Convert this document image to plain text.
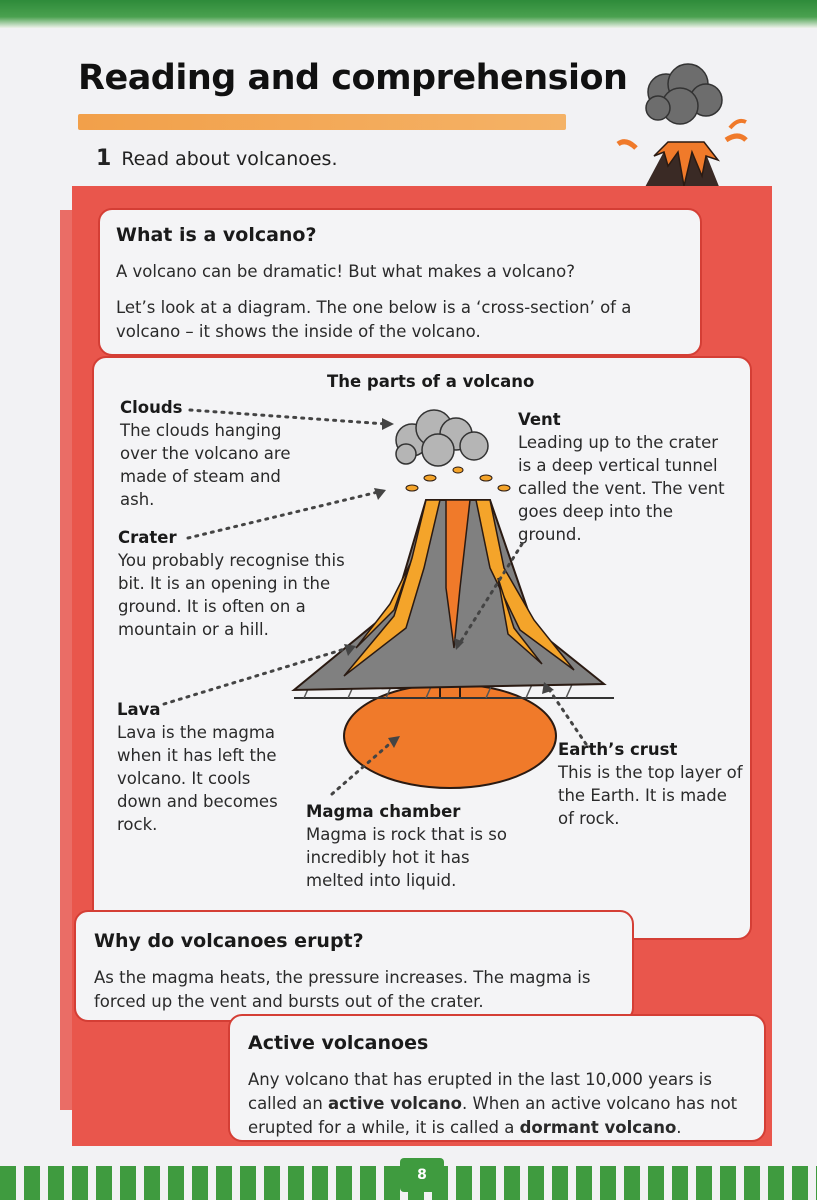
Reading and comprehension
1 Read about volcanoes.
What is a volcano?

A volcano can be dramatic! But what makes a volcano?

Let’s look at a diagram. The one below is a ‘cross-section’ of a volcano – it shows the inside of the volcano.

The parts of a volcano
Clouds
The clouds hanging over the volcano are made of steam and ash.
Crater
You probably recognise this bit. It is an opening in the ground. It is often on a mountain or a hill.
Lava
Lava is the magma when it has left the volcano. It cools down and becomes rock.
Vent
Leading up to the crater is a deep vertical tunnel called the vent. The vent goes deep into the ground.
Magma chamber
Magma is rock that is so incredibly hot it has melted into liquid.
Earth’s crust
This is the top layer of the Earth. It is made of rock.
Why do volcanoes erupt?

As the magma heats, the pressure increases. The magma is forced up the vent and bursts out of the crater.

Active volcanoes

Any volcano that has erupted in the last 10,000 years is called an active volcano. When an active volcano has not erupted for a while, it is called a dormant volcano.

8
